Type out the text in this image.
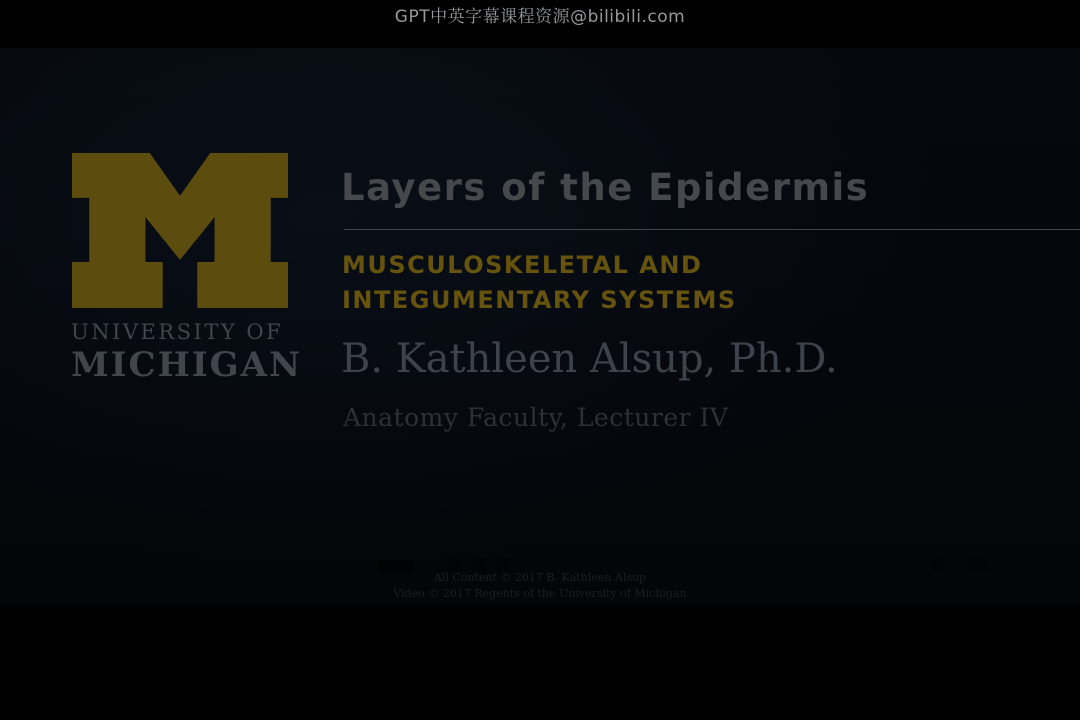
GPT中英字幕课程资源@bilibili.com
UNIVERSITY OF
MICHIGAN
Layers of the Epidermis
MUSCULOSKELETAL AND
INTEGUMENTARY SYSTEMS
B. Kathleen Alsup, Ph.D.
Anatomy Faculty, Lecturer IV
All Content © 2017 B. Kathleen Alsup
Video © 2017 Regents of the University of Michigan
